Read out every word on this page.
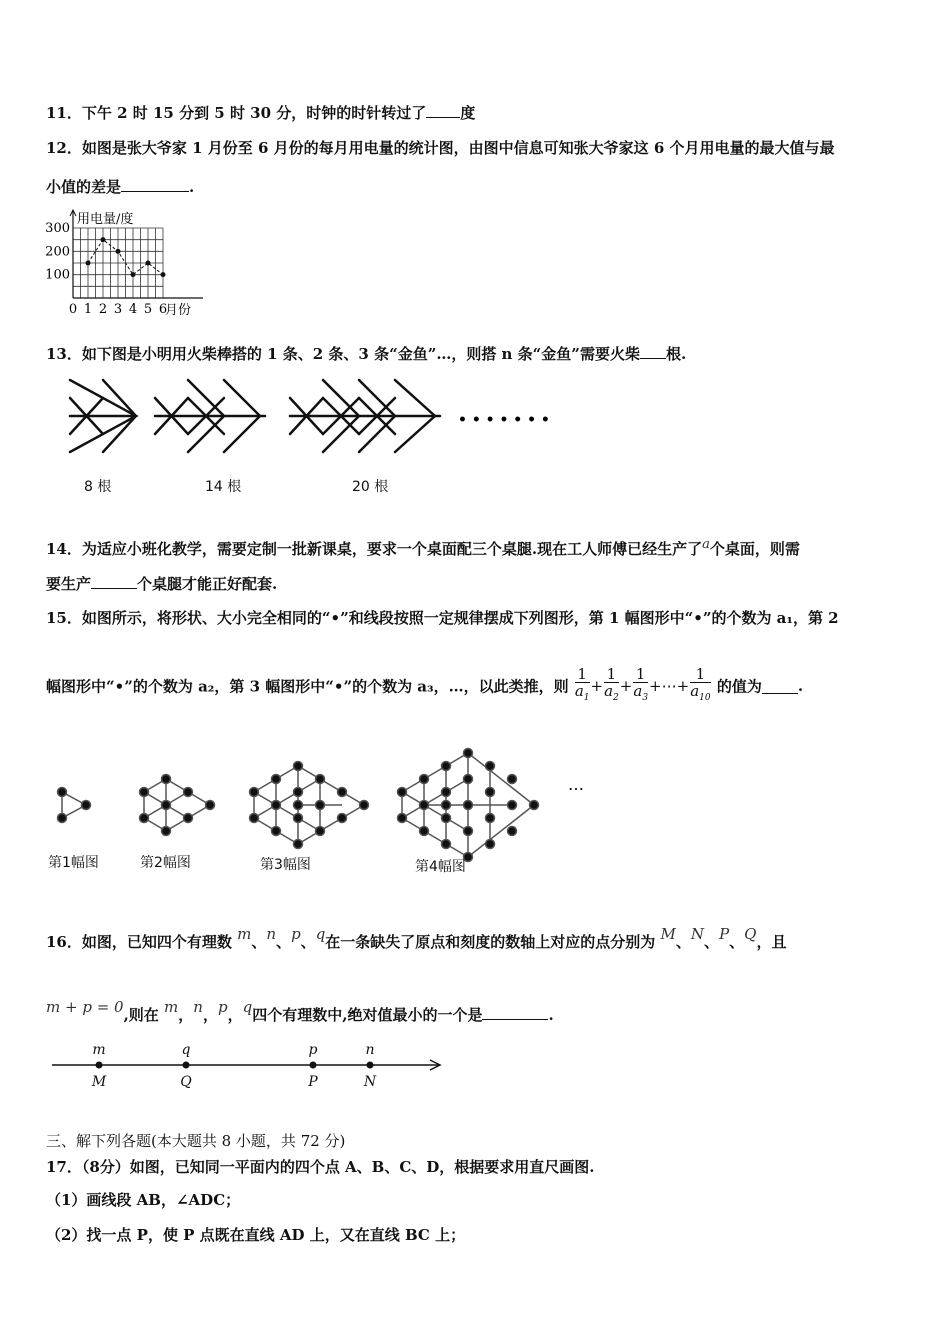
11．下午 2 时 15 分到 5 时 30 分，时钟的时针转过了 度
12．如图是张大爷家 1 月份至 6 月份的每月用电量的统计图，由图中信息可知张大爷家这 6 个月用电量的最大值与最
小值的差是	.
用电量/度
月份
100
200
300
0 1 2 3 4 5 6
13．如下图是小明用火柴棒搭的 1 条、2 条、3 条“金鱼”…，则搭 n 条“金鱼”需要火柴 根.
• • • • • • •
8 根	14 根	20 根
14．为适应小班化教学，需要定制一批新课桌，要求一个桌面配三个桌腿.现在工人师傅已经生产了a个桌面，则需
要生产	个桌腿才能正好配套.
15．如图所示，将形状、大小完全相同的“•”和线段按照一定规律摆成下列图形，第 1 幅图形中“•”的个数为 a₁，第 2
幅图形中“•”的个数为 a₂，第 3 幅图形中“•”的个数为 a₃，…，以此类推，则 $\frac{1}{a_1} + \frac{1}{a_2} + \frac{1}{a_3}$ +⋯+ $\frac{1}{a_{10}}$ 的值为 .
⋯
第1幅图	第2幅图	第3幅图	第4幅图
16．如图，已知四个有理数 m、n、p、q在一条缺失了原点和刻度的数轴上对应的点分别为 M、N、P、Q，且
m + p = 0,则在 m，n，p，q四个有理数中,绝对值最小的一个是	.
m	q	p	n
M	Q	P	N
三、解下列各题(本大题共 8 小题，共 72 分)
17．（8分）如图，已知同一平面内的四个点 A、B、C、D，根据要求用直尺画图.
（1）画线段 AB，∠ADC；
（2）找一点 P，使 P 点既在直线 AD 上，又在直线 BC 上；
